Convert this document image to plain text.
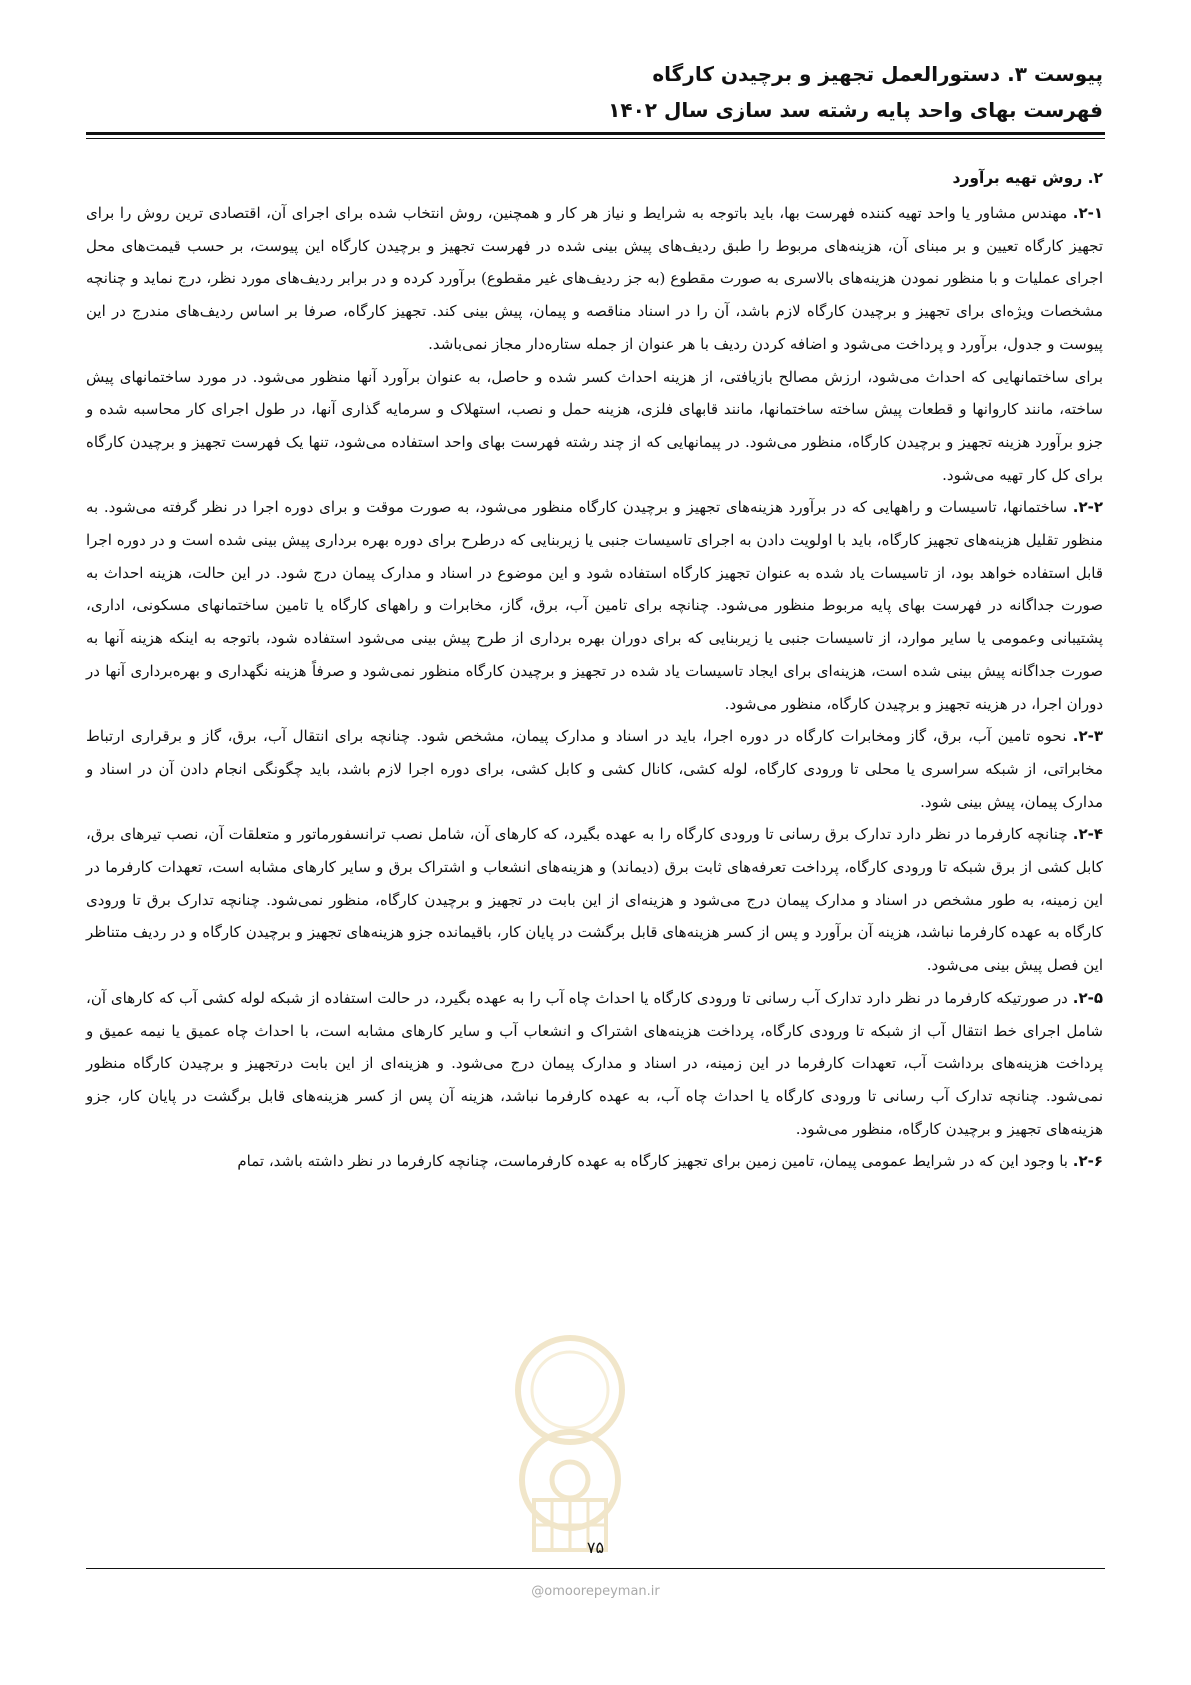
پیوست ۳. دستورالعمل تجهیز و برچیدن کارگاه
فهرست بهای واحد پایه رشته سد سازی سال ۱۴۰۲
۲. روش تهیه برآورد

۲-۱. مهندس مشاور یا واحد تهیه کننده فهرست بها، باید باتوجه به شرایط و نیاز هر کار و همچنین، روش انتخاب شده برای اجرای آن، اقتصادی ترین روش را برای تجهیز کارگاه تعیین و بر مبنای آن، هزینه‌های مربوط را طبق ردیف‌های پیش بینی شده در فهرست تجهیز و برچیدن کارگاه این پیوست، بر حسب قیمت‌های محل اجرای عملیات و با منظور نمودن هزینه‌های بالاسری به صورت مقطوع (به جز ردیف‌های غیر مقطوع) برآورد کرده و در برابر ردیف‌های مورد نظر، درج نماید و چنانچه مشخصات ویژه‌ای برای تجهیز و برچیدن کارگاه لازم باشد، آن را در اسناد مناقصه و پیمان، پیش بینی کند. تجهیز کارگاه، صرفا بر اساس ردیف‌های مندرج در این پیوست و جدول، برآورد و پرداخت می‌شود و اضافه کردن ردیف با هر عنوان از جمله ستاره‌دار مجاز نمی‌باشد.

برای ساختمانهایی که احداث می‌شود، ارزش مصالح بازیافتی، از هزینه احداث کسر شده و حاصل، به عنوان برآورد آنها منظور می‌شود. در مورد ساختمانهای پیش ساخته، مانند کاروانها و قطعات پیش ساخته ساختمانها، مانند قابهای فلزی، هزینه حمل و نصب، استهلاک و سرمایه گذاری آنها، در طول اجرای کار محاسبه شده و جزو برآورد هزینه تجهیز و برچیدن کارگاه، منظور می‌شود. در پیمانهایی که از چند رشته فهرست بهای واحد استفاده می‌شود، تنها یک فهرست تجهیز و برچیدن کارگاه برای کل کار تهیه می‌شود.

۲-۲. ساختمانها، تاسیسات و راههایی که در برآورد هزینه‌های تجهیز و برچیدن کارگاه منظور می‌شود، به صورت موقت و برای دوره اجرا در نظر گرفته می‌شود. به منظور تقلیل هزینه‌های تجهیز کارگاه، باید با اولویت دادن به اجرای تاسیسات جنبی یا زیربنایی که درطرح برای دوره بهره برداری پیش بینی شده است و در دوره اجرا قابل استفاده خواهد بود، از تاسیسات یاد شده به عنوان تجهیز کارگاه استفاده شود و این موضوع در اسناد و مدارک پیمان درج شود. در این حالت، هزینه احداث به صورت جداگانه در فهرست بهای پایه مربوط منظور می‌شود. چنانچه برای تامین آب، برق، گاز، مخابرات و راههای کارگاه یا تامین ساختمانهای مسکونی، اداری، پشتیبانی وعمومی یا سایر موارد، از تاسیسات جنبی یا زیربنایی که برای دوران بهره برداری از طرح پیش بینی می‌شود استفاده شود، باتوجه به اینکه هزینه آنها به صورت جداگانه پیش بینی شده است، هزینه‌ای برای ایجاد تاسیسات یاد شده در تجهیز و برچیدن کارگاه منظور نمی‌شود و صرفاً هزینه نگهداری و بهره‌برداری آنها در دوران اجرا، در هزینه تجهیز و برچیدن کارگاه، منظور می‌شود.

۲-۳. نحوه تامین آب، برق، گاز ومخابرات کارگاه در دوره اجرا، باید در اسناد و مدارک پیمان، مشخص شود. چنانچه برای انتقال آب، برق، گاز و برقراری ارتباط مخابراتی، از شبکه سراسری یا محلی تا ورودی کارگاه، لوله کشی، کانال کشی و کابل کشی، برای دوره اجرا لازم باشد، باید چگونگی انجام دادن آن در اسناد و مدارک پیمان، پیش بینی شود.

۲-۴. چنانچه کارفرما در نظر دارد تدارک برق رسانی تا ورودی کارگاه را به عهده بگیرد، که کارهای آن، شامل نصب ترانسفورماتور و متعلقات آن، نصب تیرهای برق، کابل کشی از برق شبکه تا ورودی کارگاه، پرداخت تعرفه‌های ثابت برق (دیماند) و هزینه‌های انشعاب و اشتراک برق و سایر کارهای مشابه است، تعهدات کارفرما در این زمینه، به طور مشخص در اسناد و مدارک پیمان درج می‌شود و هزینه‌ای از این بابت در تجهیز و برچیدن کارگاه، منظور نمی‌شود. چنانچه تدارک برق تا ورودی کارگاه به عهده کارفرما نباشد، هزینه آن برآورد و پس از کسر هزینه‌های قابل برگشت در پایان کار، باقیمانده جزو هزینه‌های تجهیز و برچیدن کارگاه و در ردیف متناظر این فصل پیش بینی می‌شود.

۲-۵. در صورتیکه کارفرما در نظر دارد تدارک آب رسانی تا ورودی کارگاه یا احداث چاه آب را به عهده بگیرد، در حالت استفاده از شبکه لوله کشی آب که کارهای آن، شامل اجرای خط انتقال آب از شبکه تا ورودی کارگاه، پرداخت هزینه‌های اشتراک و انشعاب آب و سایر کارهای مشابه است، با احداث چاه عمیق یا نیمه عمیق و پرداخت هزینه‌های برداشت آب، تعهدات کارفرما در این زمینه، در اسناد و مدارک پیمان درج می‌شود. و هزینه‌ای از این بابت درتجهیز و برچیدن کارگاه منظور نمی‌شود. چنانچه تدارک آب رسانی تا ورودی کارگاه یا احداث چاه آب، به عهده کارفرما نباشد، هزینه آن پس از کسر هزینه‌های قابل برگشت در پایان کار، جزو هزینه‌های تجهیز و برچیدن کارگاه، منظور می‌شود.

۲-۶. با وجود این که در شرایط عمومی پیمان، تامین زمین برای تجهیز کارگاه به عهده کارفرماست، چنانچه کارفرما در نظر داشته باشد، تمام

۷۵
@omoorepeyman.ir
